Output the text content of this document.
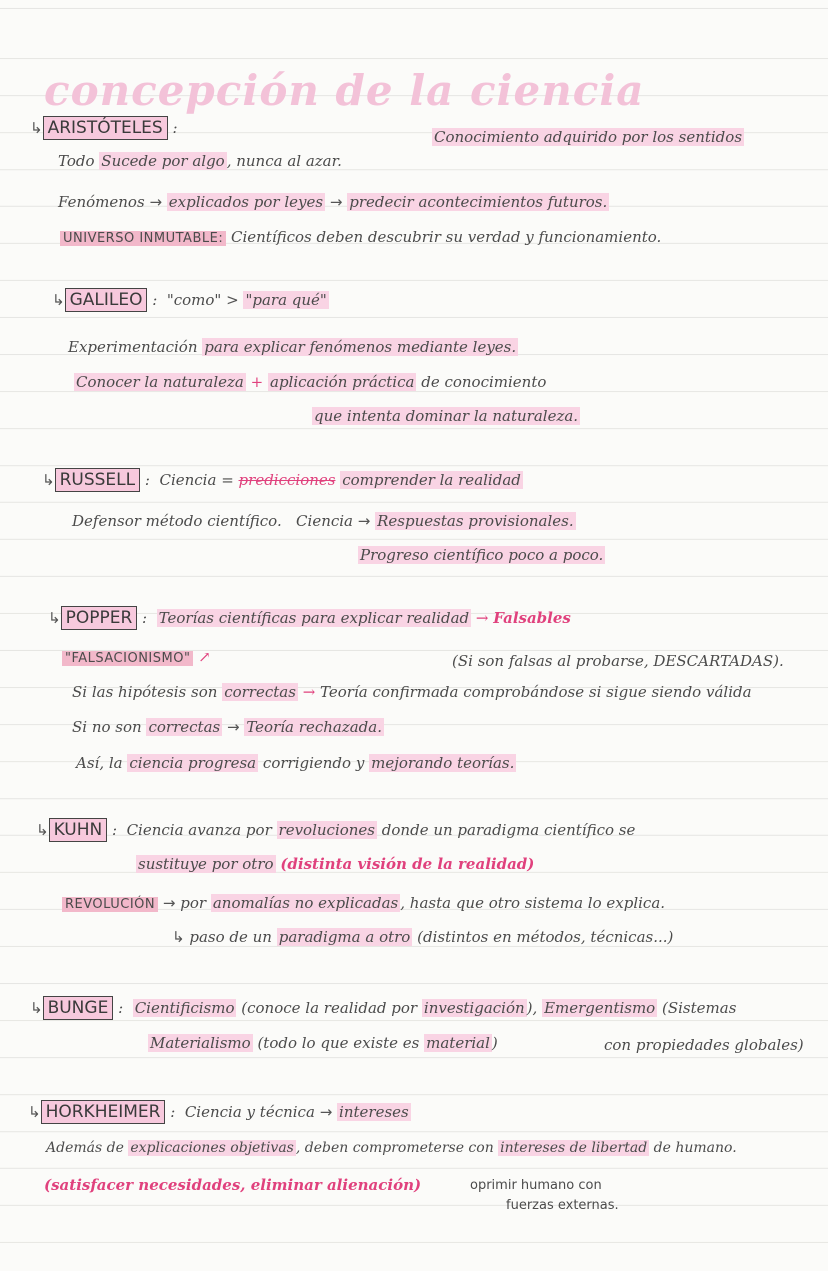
concepción de la ciencia
↳ ARISTÓTELES :	Conocimiento adquirido por los sentidos
Todo Sucede por algo , nunca al azar.
Fenómenos → explicados por leyes → predecir acontecimientos futuros.
UNIVERSO INMUTABLE: Científicos deben descubrir su verdad y funcionamiento.
↳ GALILEO :  "como" > "para qué"
Experimentación para explicar fenómenos mediante leyes.
Conocer la naturaleza + aplicación práctica de conocimiento
que intenta dominar la naturaleza.
↳ RUSSELL :  Ciencia = predicciones comprender la realidad
Defensor método científico. Ciencia → Respuestas provisionales.
Progreso científico poco a poco.
↳ POPPER :  Teorías científicas para explicar realidad → Falsables
"FALSACIONISMO" ↗	(Si son falsas al probarse, DESCARTADAS).
Si las hipótesis son correctas → Teoría confirmada comprobándose si sigue siendo válida
Si no son correctas → Teoría rechazada.
Así, la ciencia progresa corrigiendo y mejorando teorías.
↳ KUHN :  Ciencia avanza por revoluciones donde un paradigma científico se
sustituye por otro (distinta visión de la realidad)
REVOLUCIÓN → por anomalías no explicadas , hasta que otro sistema lo explica.
↳ paso de un paradigma a otro (distintos en métodos, técnicas...)
↳ BUNGE :  Cientificismo (conoce la realidad por investigación ), Emergentismo (Sistemas
Materialismo (todo lo que existe es material )	con propiedades globales)
↳ HORKHEIMER :  Ciencia y técnica → intereses
Además de explicaciones objetivas , deben comprometerse con intereses de libertad de humano.
(satisfacer necesidades, eliminar alienación)	oprimir humano con
fuerzas externas.
